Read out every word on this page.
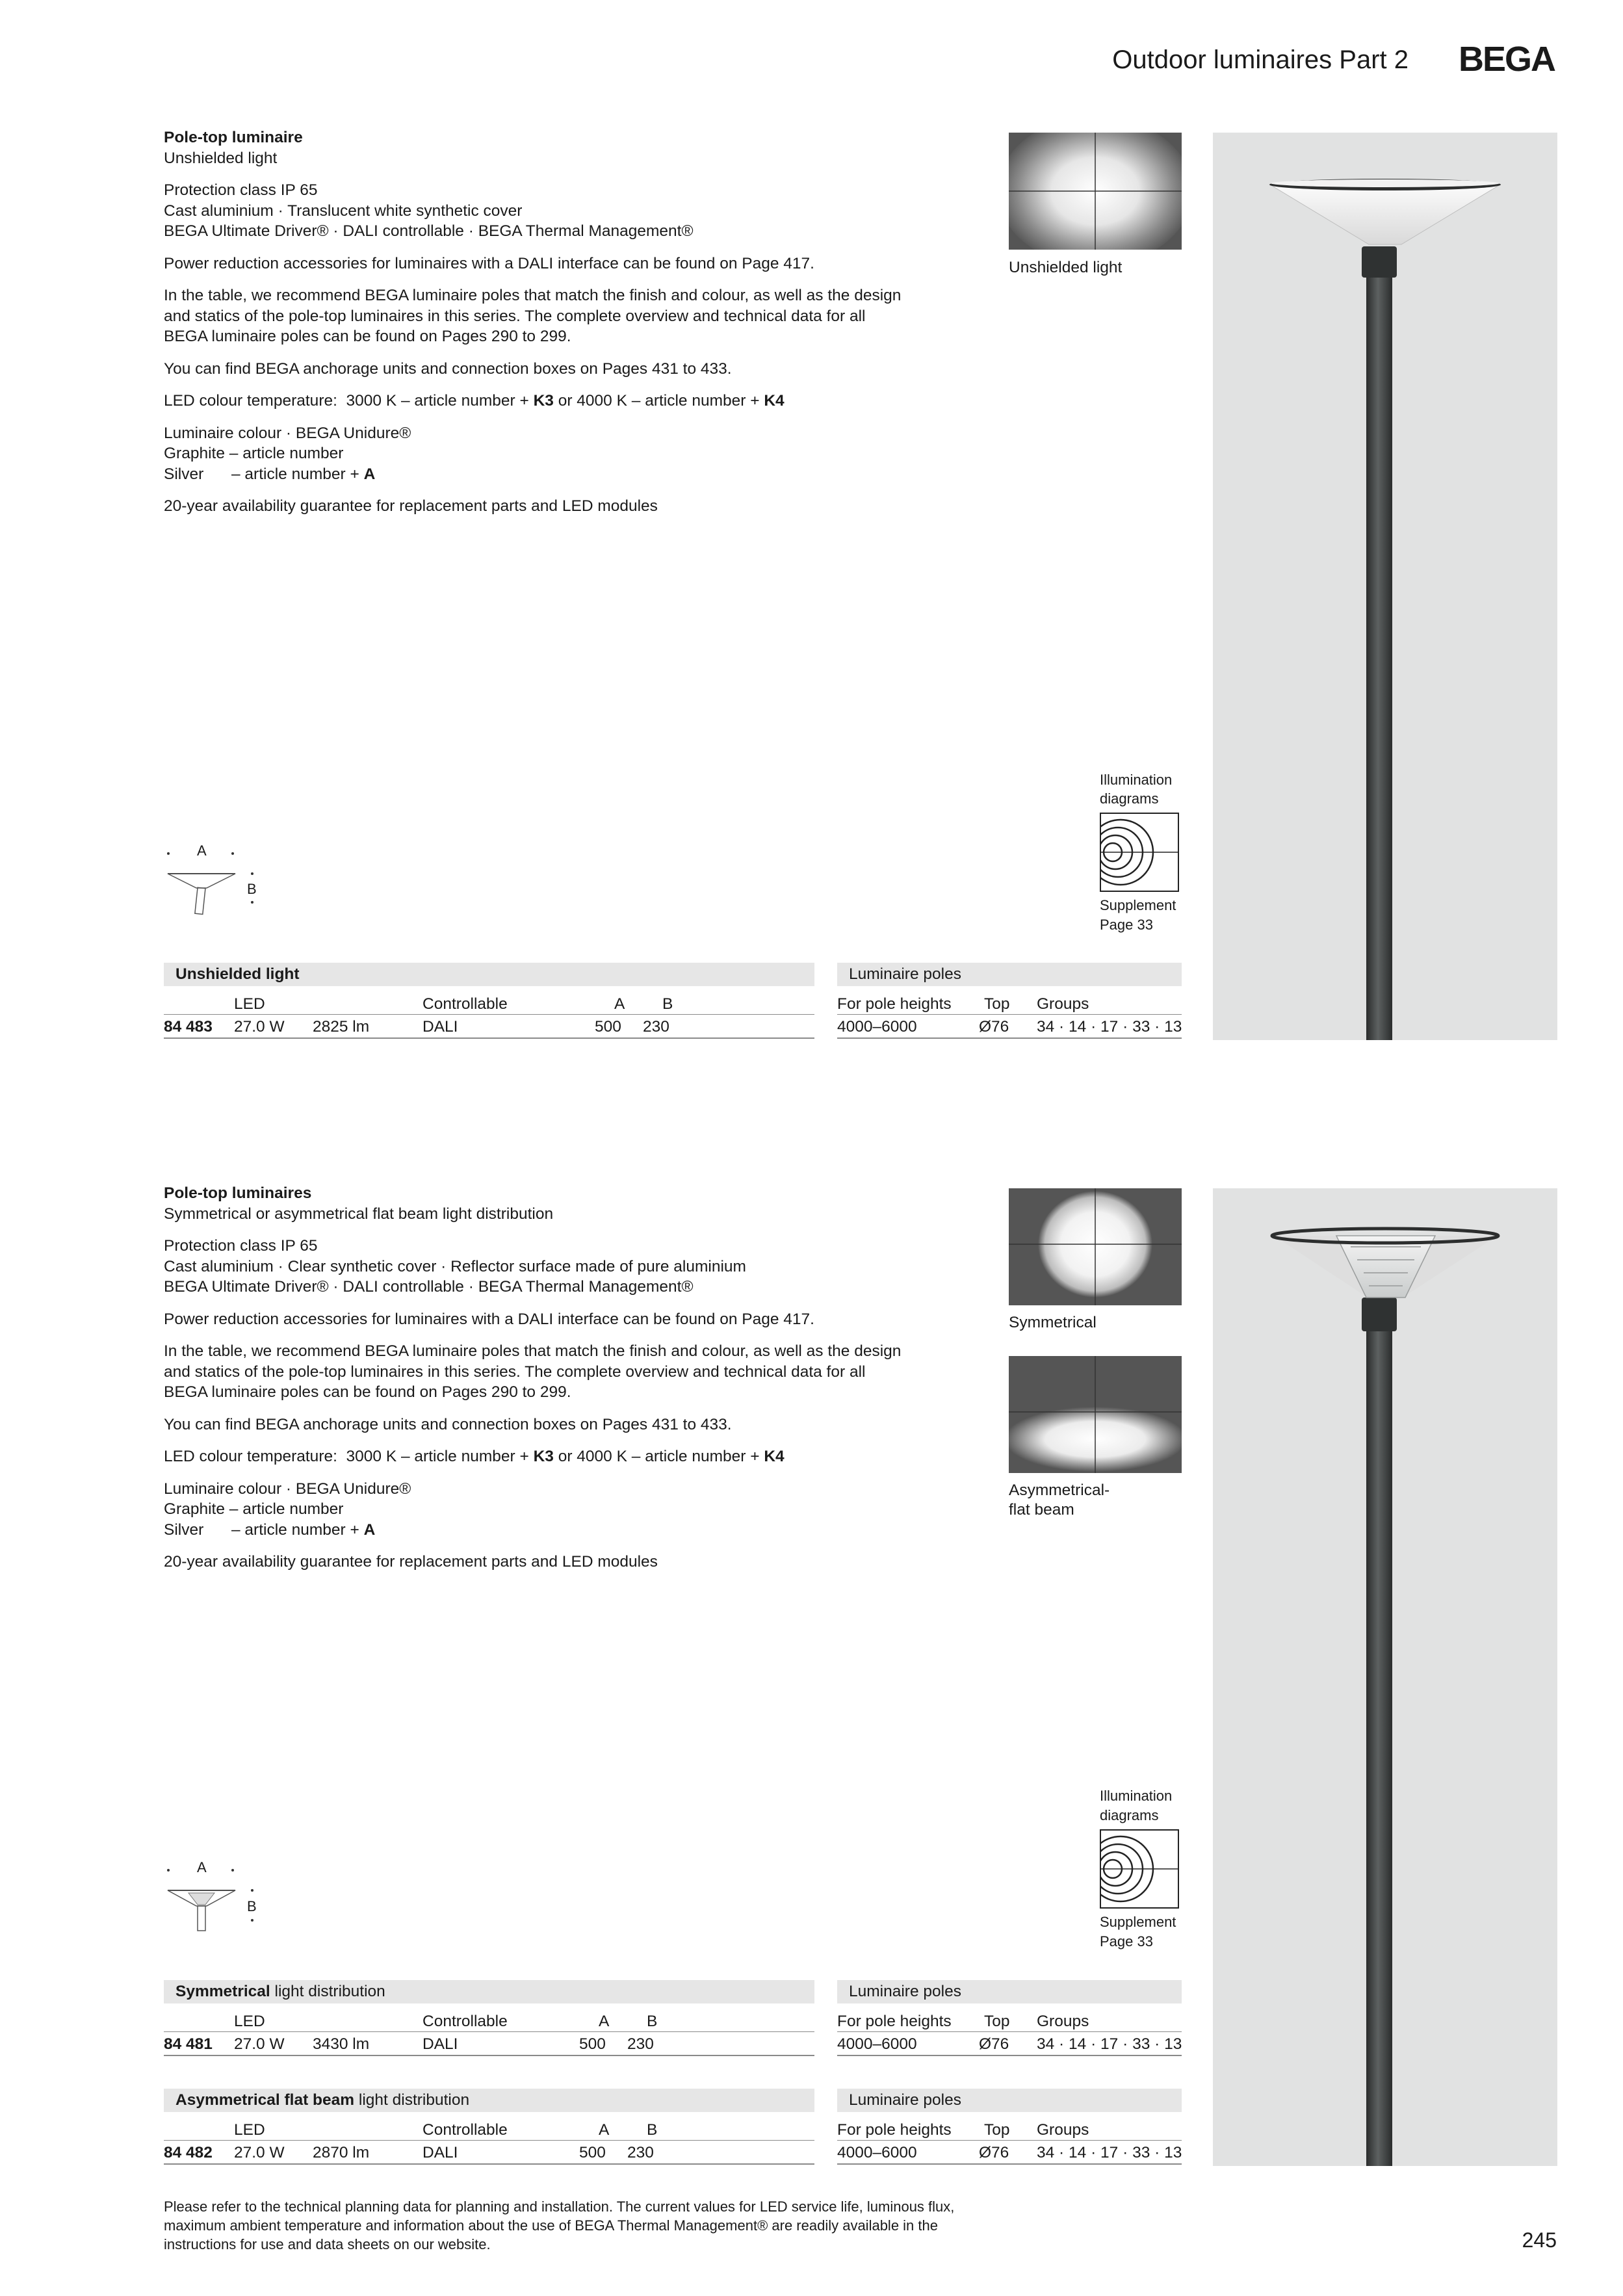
Outdoor luminaires Part 2 BEGA
Pole-top luminaire

Unshielded light

Protection class IP 65
Cast aluminium · Translucent white synthetic cover

BEGA Ultimate Driver® · DALI controllable · BEGA Thermal Management®

Power reduction accessories for luminaires with a DALI interface can be found on Page 417.

In the table, we recommend BEGA luminaire poles that match the finish and colour, as well as the design
and statics of the pole-top luminaires in this series. The complete overview and technical data for all

BEGA luminaire poles can be found on Pages 290 to 299.

You can find BEGA anchorage units and connection boxes on Pages 431 to 433.

LED colour temperature: 3000 K – article number + K3 or 4000 K – article number + K4

Luminaire colour · BEGA Unidure®
Graphite – article number

Silver – article number + A

20-year availability guarantee for replacement parts and LED modules
Unshielded light
A
B
Illumination
diagrams
Supplement
Page 33
Unshielded light
LED	Controllable	A B
84 483 27.0 W 2825 lm	DALI	500 230
Luminaire poles
For pole heights Top Groups
4000–6000	Ø76 34 · 14 · 17 · 33 · 13
Pole-top luminaires

Symmetrical or asymmetrical flat beam light distribution

Protection class IP 65
Cast aluminium · Clear synthetic cover · Reflector surface made of pure aluminium

BEGA Ultimate Driver® · DALI controllable · BEGA Thermal Management®

Power reduction accessories for luminaires with a DALI interface can be found on Page 417.

In the table, we recommend BEGA luminaire poles that match the finish and colour, as well as the design
and statics of the pole-top luminaires in this series. The complete overview and technical data for all

BEGA luminaire poles can be found on Pages 290 to 299.

You can find BEGA anchorage units and connection boxes on Pages 431 to 433.

LED colour temperature: 3000 K – article number + K3 or 4000 K – article number + K4

Luminaire colour · BEGA Unidure®
Graphite – article number

Silver – article number + A

20-year availability guarantee for replacement parts and LED modules
Symmetrical
Asymmetrical-
flat beam
A
B
Illumination
diagrams
Supplement
Page 33
Symmetrical light distribution
LED	Controllable	A B
84 481 27.0 W 3430 lm	DALI	500 230
Luminaire poles
For pole heights Top Groups
4000–6000	Ø76 34 · 14 · 17 · 33 · 13
Asymmetrical flat beam light distribution
LED	Controllable	A B
84 482 27.0 W 2870 lm	DALI	500 230
Luminaire poles
For pole heights Top Groups
4000–6000	Ø76 34 · 14 · 17 · 33 · 13
Please refer to the technical planning data for planning and installation. The current values for LED service life, luminous flux,
maximum ambient temperature and information about the use of BEGA Thermal Management® are readily available in the
instructions for use and data sheets on our website.	245
